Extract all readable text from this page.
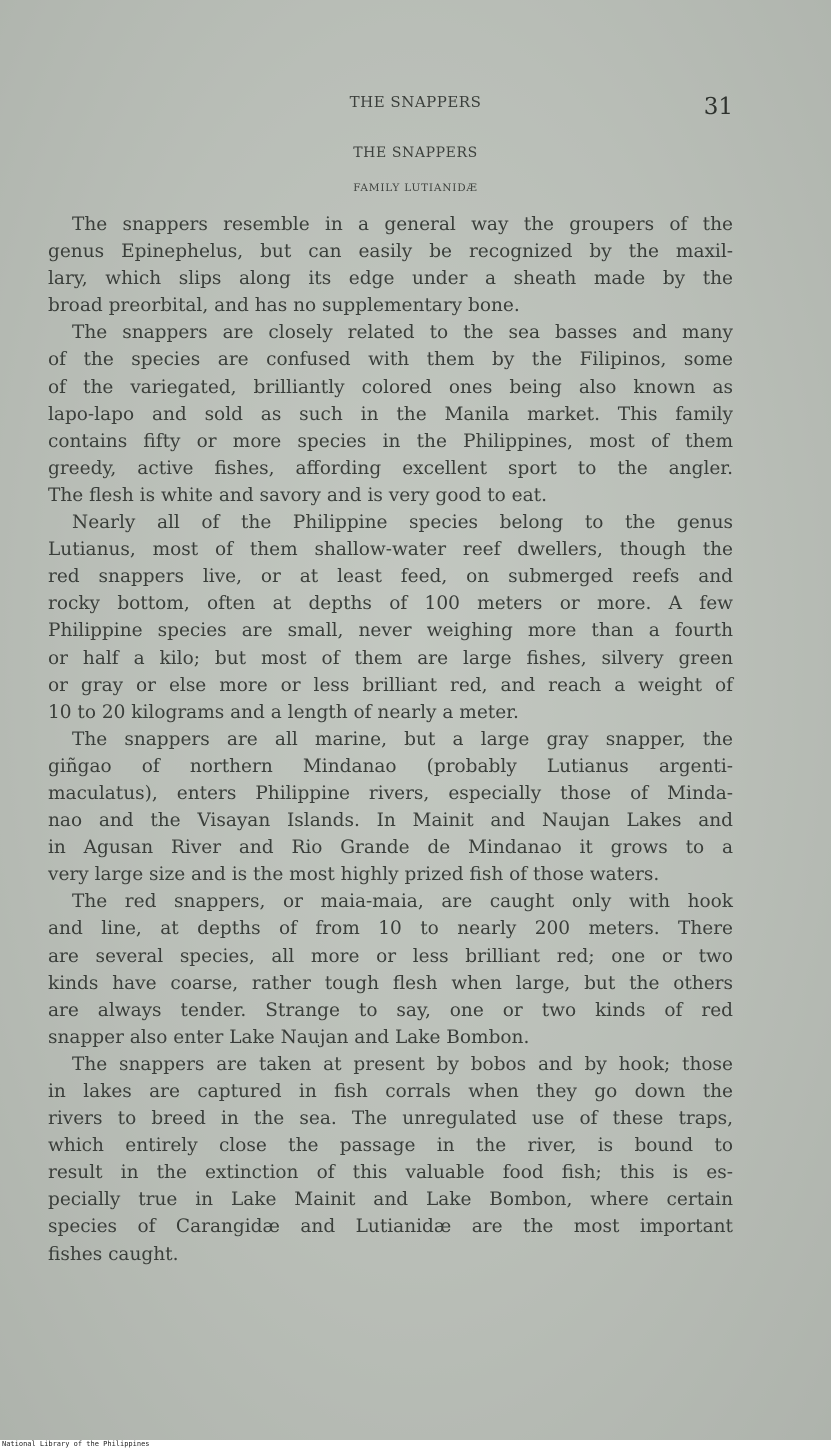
THE SNAPPERS	31
THE SNAPPERS
FAMILY LUTIANIDÆ
The snappers resemble in a general way the groupers of the
genus Epinephelus, but can easily be recognized by the maxil-
lary, which slips along its edge under a sheath made by the
broad preorbital, and has no supplementary bone.
The snappers are closely related to the sea basses and many
of the species are confused with them by the Filipinos, some
of the variegated, brilliantly colored ones being also known as
lapo-lapo and sold as such in the Manila market. This family
contains fifty or more species in the Philippines, most of them
greedy, active fishes, affording excellent sport to the angler.
The flesh is white and savory and is very good to eat.
Nearly all of the Philippine species belong to the genus
Lutianus, most of them shallow-water reef dwellers, though the
red snappers live, or at least feed, on submerged reefs and
rocky bottom, often at depths of 100 meters or more. A few
Philippine species are small, never weighing more than a fourth
or half a kilo; but most of them are large fishes, silvery green
or gray or else more or less brilliant red, and reach a weight of
10 to 20 kilograms and a length of nearly a meter.
The snappers are all marine, but a large gray snapper, the
giñgao of northern Mindanao (probably Lutianus argenti-
maculatus), enters Philippine rivers, especially those of Minda-
nao and the Visayan Islands. In Mainit and Naujan Lakes and
in Agusan River and Rio Grande de Mindanao it grows to a
very large size and is the most highly prized fish of those waters.
The red snappers, or maia-maia, are caught only with hook
and line, at depths of from 10 to nearly 200 meters. There
are several species, all more or less brilliant red; one or two
kinds have coarse, rather tough flesh when large, but the others
are always tender. Strange to say, one or two kinds of red
snapper also enter Lake Naujan and Lake Bombon.
The snappers are taken at present by bobos and by hook; those
in lakes are captured in fish corrals when they go down the
rivers to breed in the sea. The unregulated use of these traps,
which entirely close the passage in the river, is bound to
result in the extinction of this valuable food fish; this is es-
pecially true in Lake Mainit and Lake Bombon, where certain
species of Carangidæ and Lutianidæ are the most important
fishes caught.
National Library of the Philippines
